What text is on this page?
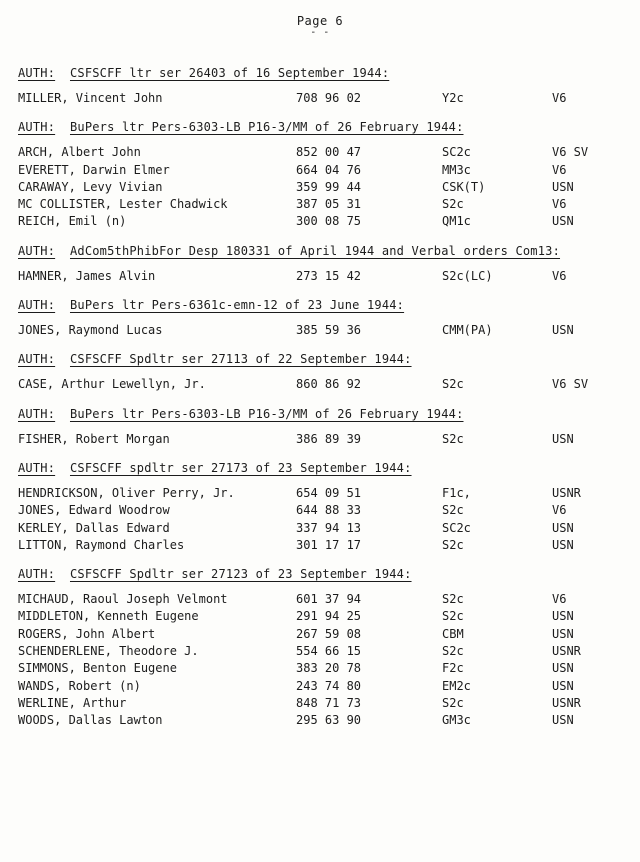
Page 6
- -
AUTH: CSFSCFF ltr ser 26403 of 16 September 1944:
MILLER, Vincent John	708 96 02	Y2c	V6
AUTH: BuPers ltr Pers-6303-LB P16-3/MM of 26 February 1944:
ARCH, Albert John	852 00 47	SC2c	V6 SV
EVERETT, Darwin Elmer	664 04 76	MM3c	V6
CARAWAY, Levy Vivian	359 99 44	CSK(T)	USN
MC COLLISTER, Lester Chadwick	387 05 31	S2c	V6
REICH, Emil (n)	300 08 75	QM1c	USN
AUTH: AdCom5thPhibFor Desp 180331 of April 1944 and Verbal orders Com13:
HAMNER, James Alvin	273 15 42	S2c(LC)	V6
AUTH: BuPers ltr Pers-6361c-emn-12 of 23 June 1944:
JONES, Raymond Lucas	385 59 36	CMM(PA)	USN
AUTH: CSFSCFF Spdltr ser 27113 of 22 September 1944:
CASE, Arthur Lewellyn, Jr.	860 86 92	S2c	V6 SV
AUTH: BuPers ltr Pers-6303-LB P16-3/MM of 26 February 1944:
FISHER, Robert Morgan	386 89 39	S2c	USN
AUTH: CSFSCFF spdltr ser 27173 of 23 September 1944:
HENDRICKSON, Oliver Perry, Jr.	654 09 51	F1c,	USNR
JONES, Edward Woodrow	644 88 33	S2c	V6
KERLEY, Dallas Edward	337 94 13	SC2c	USN
LITTON, Raymond Charles	301 17 17	S2c	USN
AUTH: CSFSCFF Spdltr ser 27123 of 23 September 1944:
MICHAUD, Raoul Joseph Velmont	601 37 94	S2c	V6
MIDDLETON, Kenneth Eugene	291 94 25	S2c	USN
ROGERS, John Albert	267 59 08	CBM	USN
SCHENDERLENE, Theodore J.	554 66 15	S2c	USNR
SIMMONS, Benton Eugene	383 20 78	F2c	USN
WANDS, Robert (n)	243 74 80	EM2c	USN
WERLINE, Arthur	848 71 73	S2c	USNR
WOODS, Dallas Lawton	295 63 90	GM3c	USN
